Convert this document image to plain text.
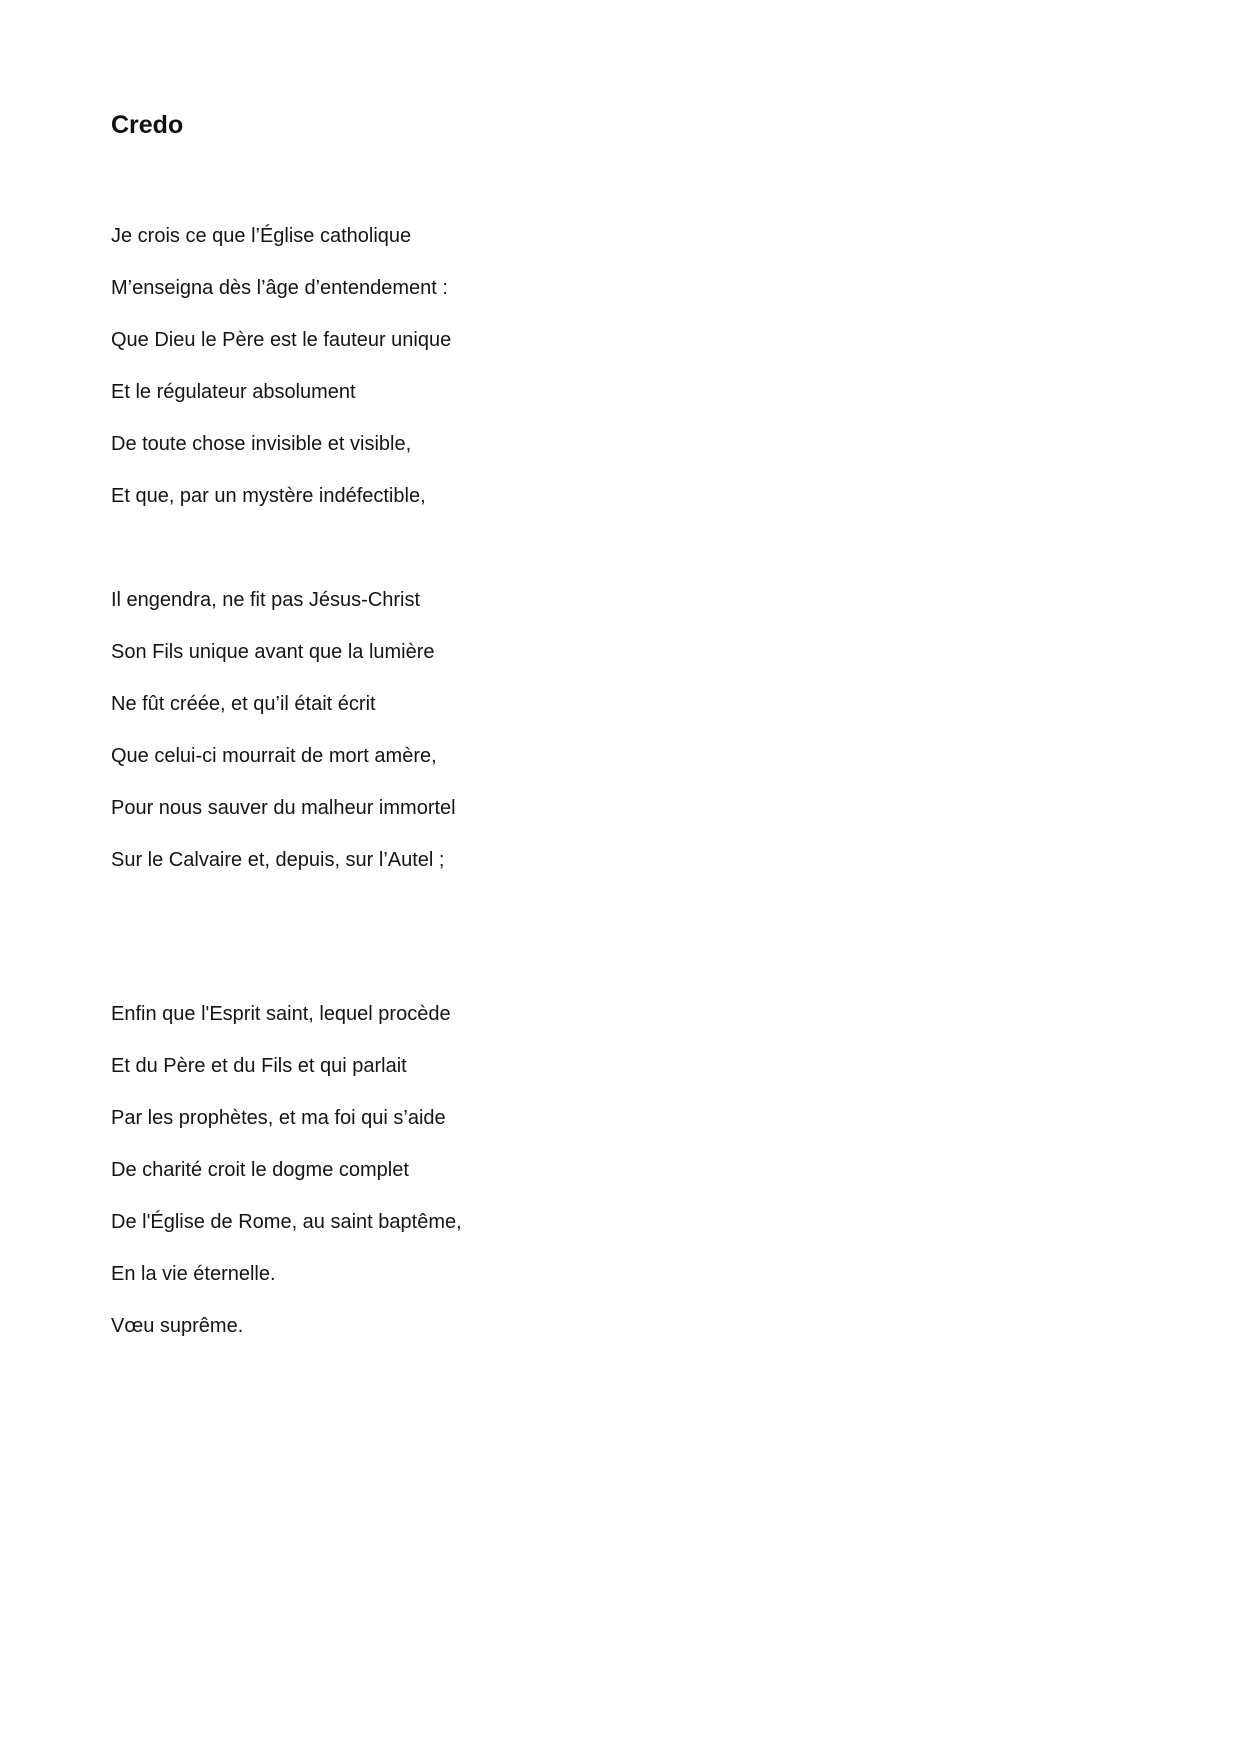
Credo
Je crois ce que l’Église catholique
M’enseigna dès l’âge d’entendement :
Que Dieu le Père est le fauteur unique
Et le régulateur absolument
De toute chose invisible et visible,
Et que, par un mystère indéfectible,
Il engendra, ne fit pas Jésus-Christ
Son Fils unique avant que la lumière
Ne fût créée, et qu’il était écrit
Que celui-ci mourrait de mort amère,
Pour nous sauver du malheur immortel
Sur le Calvaire et, depuis, sur l’Autel ;
Enfin que l'Esprit saint, lequel procède
Et du Père et du Fils et qui parlait
Par les prophètes, et ma foi qui s’aide
De charité croit le dogme complet
De l'Église de Rome, au saint baptême,
En la vie éternelle.
Vœu suprême.
